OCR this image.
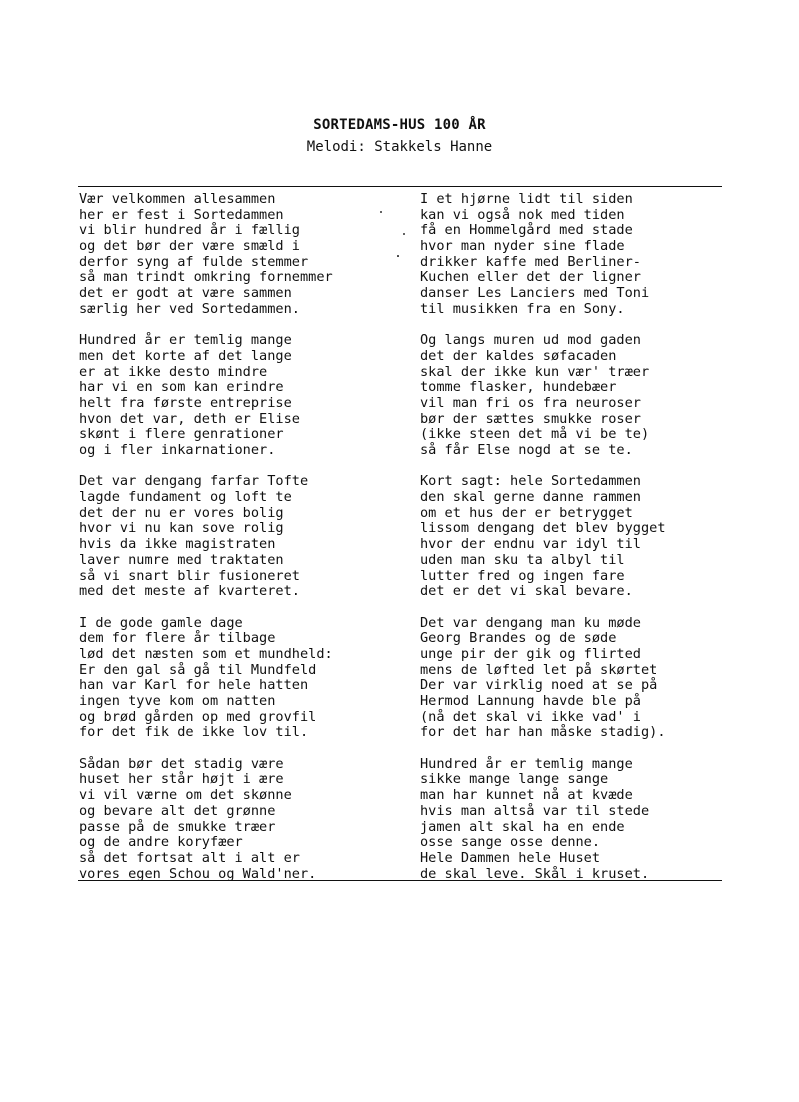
SORTEDAMS-HUS 100 ÅR
Melodi: Stakkels Hanne
Vær velkommen allesammen
her er fest i Sortedammen
vi blir hundred år i fællig
og det bør der være smæld i
derfor syng af fulde stemmer
så man trindt omkring fornemmer
det er godt at være sammen
særlig her ved Sortedammen.
Hundred år er temlig mange
men det korte af det lange
er at ikke desto mindre
har vi en som kan erindre
helt fra første entreprise
hvon det var, deth er Elise
skønt i flere genrationer
og i fler inkarnationer.
Det var dengang farfar Tofte
lagde fundament og loft te
det der nu er vores bolig
hvor vi nu kan sove rolig
hvis da ikke magistraten
laver numre med traktaten
så vi snart blir fusioneret
med det meste af kvarteret.
I de gode gamle dage
dem for flere år tilbage
lød det næsten som et mundheld:
Er den gal så gå til Mundfeld
han var Karl for hele hatten
ingen tyve kom om natten
og brød gården op med grovfil
for det fik de ikke lov til.
Sådan bør det stadig være
huset her står højt i ære
vi vil værne om det skønne
og bevare alt det grønne
passe på de smukke træer
og de andre koryfæer
så det fortsat alt i alt er
vores egen Schou og Wald'ner.
I et hjørne lidt til siden
kan vi også nok med tiden
få en Hommelgård med stade
hvor man nyder sine flade
drikker kaffe med Berliner-
Kuchen eller det der ligner
danser Les Lanciers med Toni
til musikken fra en Sony.
Og langs muren ud mod gaden
det der kaldes søfacaden
skal der ikke kun vær' træer
tomme flasker, hundebæer
vil man fri os fra neuroser
bør der sættes smukke roser
(ikke steen det må vi be te)
så får Else nogd at se te.
Kort sagt: hele Sortedammen
den skal gerne danne rammen
om et hus der er betrygget
lissom dengang det blev bygget
hvor der endnu var idyl til
uden man sku ta albyl til
lutter fred og ingen fare
det er det vi skal bevare.
Det var dengang man ku møde
Georg Brandes og de søde
unge pir der gik og flirted
mens de løfted let på skørtet
Der var virklig noed at se på
Hermod Lannung havde ble på
(nå det skal vi ikke vad' i
for det har han måske stadig).
Hundred år er temlig mange
sikke mange lange sange
man har kunnet nå at kvæde
hvis man altså var til stede
jamen alt skal ha en ende
osse sange osse denne.
Hele Dammen hele Huset
de skal leve. Skål i kruset.
